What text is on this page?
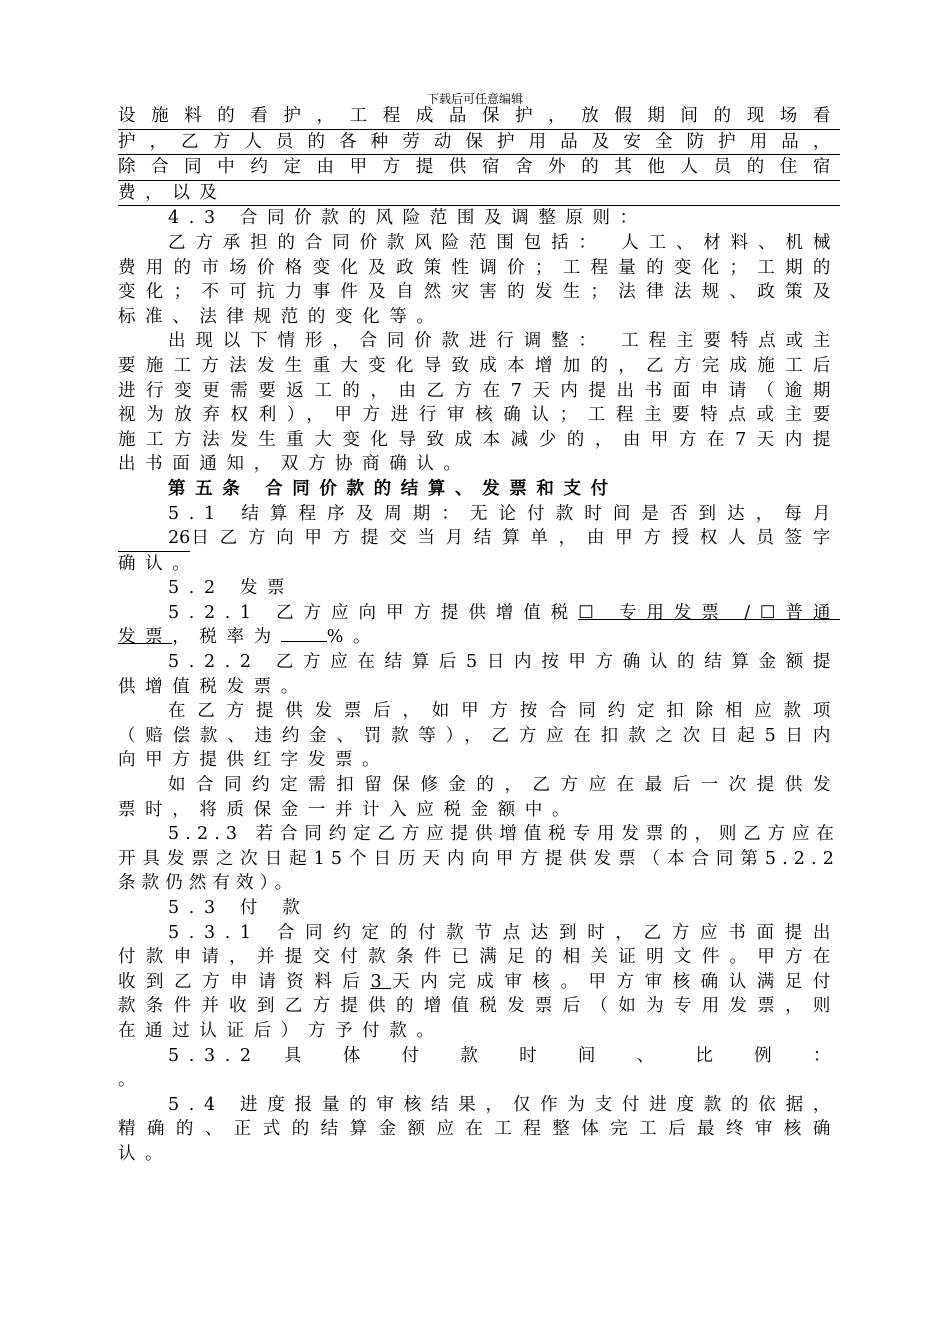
下载后可任意编辑

设施料的看护，工程成品保护，放假期间的现场看

护，乙方人员的各种劳动保护用品及安全防护用品，

除合同中约定由甲方提供宿舍外的其他人员的住宿

费，以及

4.3 合同价款的风险范围及调整原则：

乙方承担的合同价款风险范围包括： 人工、材料、机械费用的市场价格变化及政策性调价；工程量的变化；工期的变化；不可抗力事件及自然灾害的发生；法律法规、政策及标准、法律规范的变化等。

出现以下情形，合同价款进行调整： 工程主要特点或主要施工方法发生重大变化导致成本增加的，乙方完成施工后进行变更需要返工的，由乙方在7天内提出书面申请（逾期视为放弃权利），甲方进行审核确认；工程主要特点或主要施工方法发生重大变化导致成本减少的，由甲方在7天内提出书面通知，双方协商确认。

第五条 合同价款的结算、发票和支付

5.1 结算程序及周期：无论付款时间是否到达，每月26日乙方向甲方提交当月结算单，由甲方授权人员签字确认。

5.2 发票

5.2.1 乙方应向甲方提供增值税☐ 专用发票 /☐普通发票，税率为	%。

5.2.2 乙方应在结算后5日内按甲方确认的结算金额提供增值税发票。

在乙方提供发票后，如甲方按合同约定扣除相应款项（赔偿款、违约金、罚款等），乙方应在扣款之次日起5日内向甲方提供红字发票。

如合同约定需扣留保修金的，乙方应在最后一次提供发票时，将质保金一并计入应税金额中。

5.2.3 若合同约定乙方应提供增值税专用发票的，则乙方应在开具发票之次日起15个日历天内向甲方提供发票（本合同第5.2.2条款仍然有效）。

5.3 付 款

5.3.1 合同约定的付款节点达到时，乙方应书面提出付款申请，并提交付款条件已满足的相关证明文件。甲方在收到乙方申请资料后3天内完成审核。甲方审核确认满足付款条件并收到乙方提供的增值税发票后（如为专用发票，则在通过认证后）方予付款。

5.3.2 具 体 付 款 时 间 、 比 例 ：

。

5.4 进度报量的审核结果，仅作为支付进度款的依据，精确的、正式的结算金额应在工程整体完工后最终审核确认。
